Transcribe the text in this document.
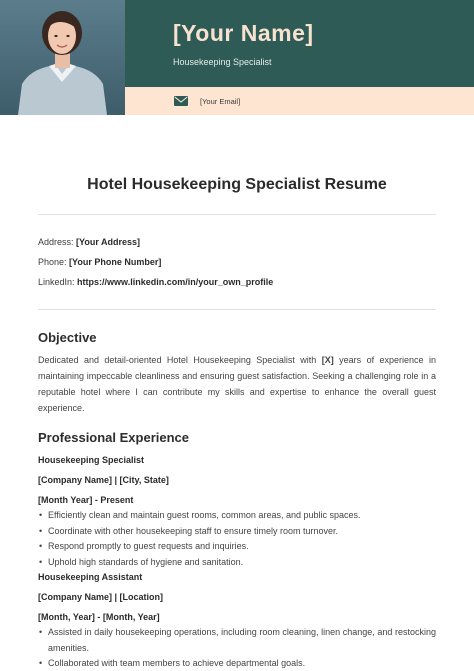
[Your Name]
Housekeeping Specialist
[Your Email]
Hotel Housekeeping Specialist Resume
Address: [Your Address]
Phone: [Your Phone Number]
LinkedIn: https://www.linkedin.com/in/your_own_profile
Objective
Dedicated and detail-oriented Hotel Housekeeping Specialist with [X] years of experience in maintaining impeccable cleanliness and ensuring guest satisfaction. Seeking a challenging role in a reputable hotel where I can contribute my skills and expertise to enhance the overall guest experience.
Professional Experience
Housekeeping Specialist
[Company Name] | [City, State]
[Month Year] - Present
• Efficiently clean and maintain guest rooms, common areas, and public spaces.
• Coordinate with other housekeeping staff to ensure timely room turnover.
• Respond promptly to guest requests and inquiries.
• Uphold high standards of hygiene and sanitation.
Housekeeping Assistant
[Company Name] | [Location]
[Month, Year] - [Month, Year]
• Assisted in daily housekeeping operations, including room cleaning, linen change, and restocking amenities.
• Collaborated with team members to achieve departmental goals.
